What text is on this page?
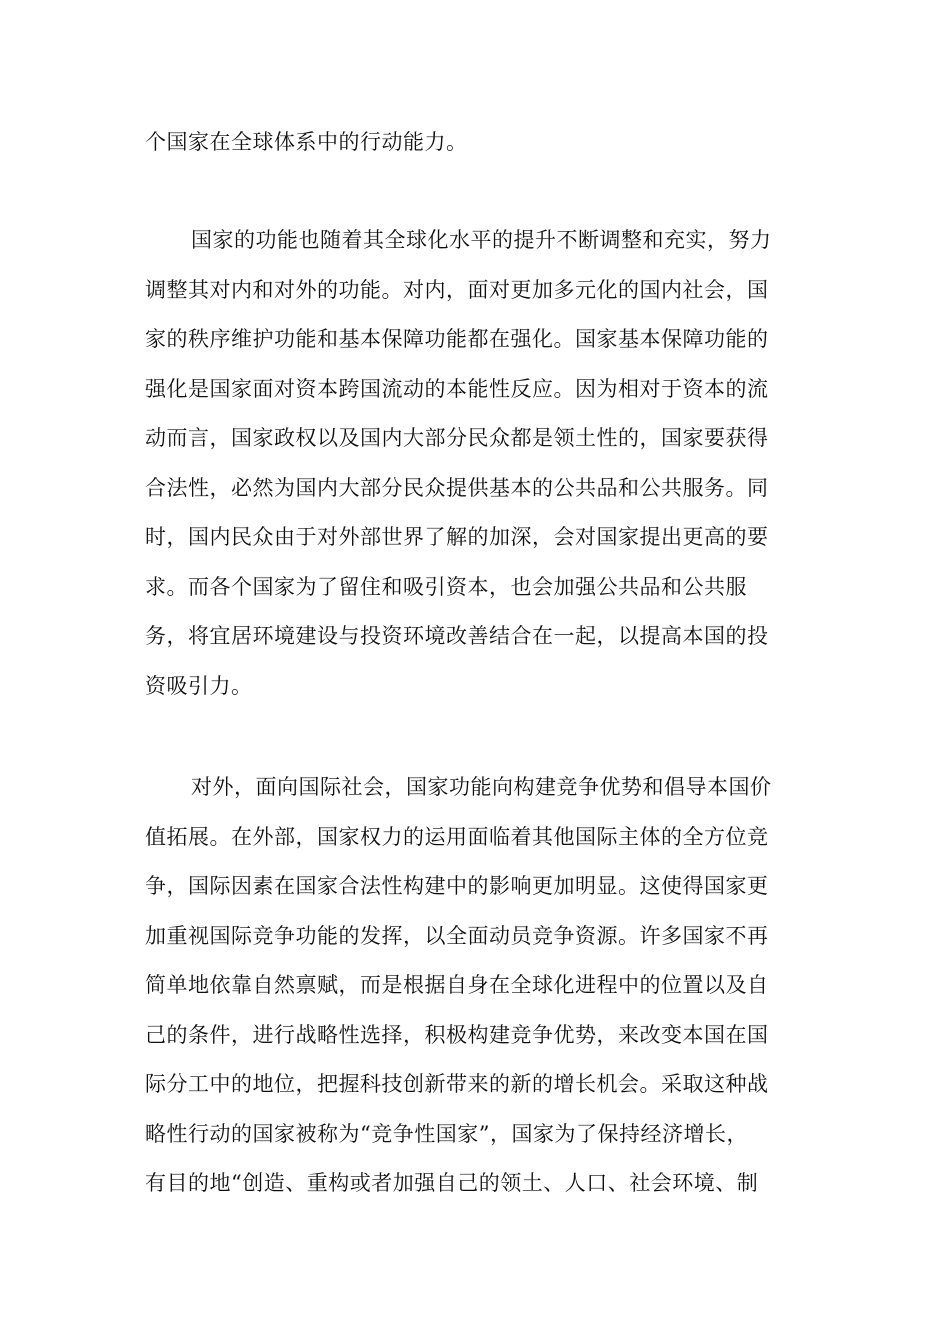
个国家在全球体系中的行动能力。
国家的功能也随着其全球化水平的提升不断调整和充实，努力
调整其对内和对外的功能。对内，面对更加多元化的国内社会，国
家的秩序维护功能和基本保障功能都在强化。国家基本保障功能的
强化是国家面对资本跨国流动的本能性反应。因为相对于资本的流
动而言，国家政权以及国内大部分民众都是领土性的，国家要获得
合法性，必然为国内大部分民众提供基本的公共品和公共服务。同
时，国内民众由于对外部世界了解的加深，会对国家提出更高的要
求。而各个国家为了留住和吸引资本，也会加强公共品和公共服
务，将宜居环境建设与投资环境改善结合在一起，以提高本国的投
资吸引力。
对外，面向国际社会，国家功能向构建竞争优势和倡导本国价
值拓展。在外部，国家权力的运用面临着其他国际主体的全方位竞
争，国际因素在国家合法性构建中的影响更加明显。这使得国家更
加重视国际竞争功能的发挥，以全面动员竞争资源。许多国家不再
简单地依靠自然禀赋，而是根据自身在全球化进程中的位置以及自
己的条件，进行战略性选择，积极构建竞争优势，来改变本国在国
际分工中的地位，把握科技创新带来的新的增长机会。采取这种战
略性行动的国家被称为“竞争性国家”，国家为了保持经济增长，
有目的地“创造、重构或者加强自己的领土、人口、社会环境、制
